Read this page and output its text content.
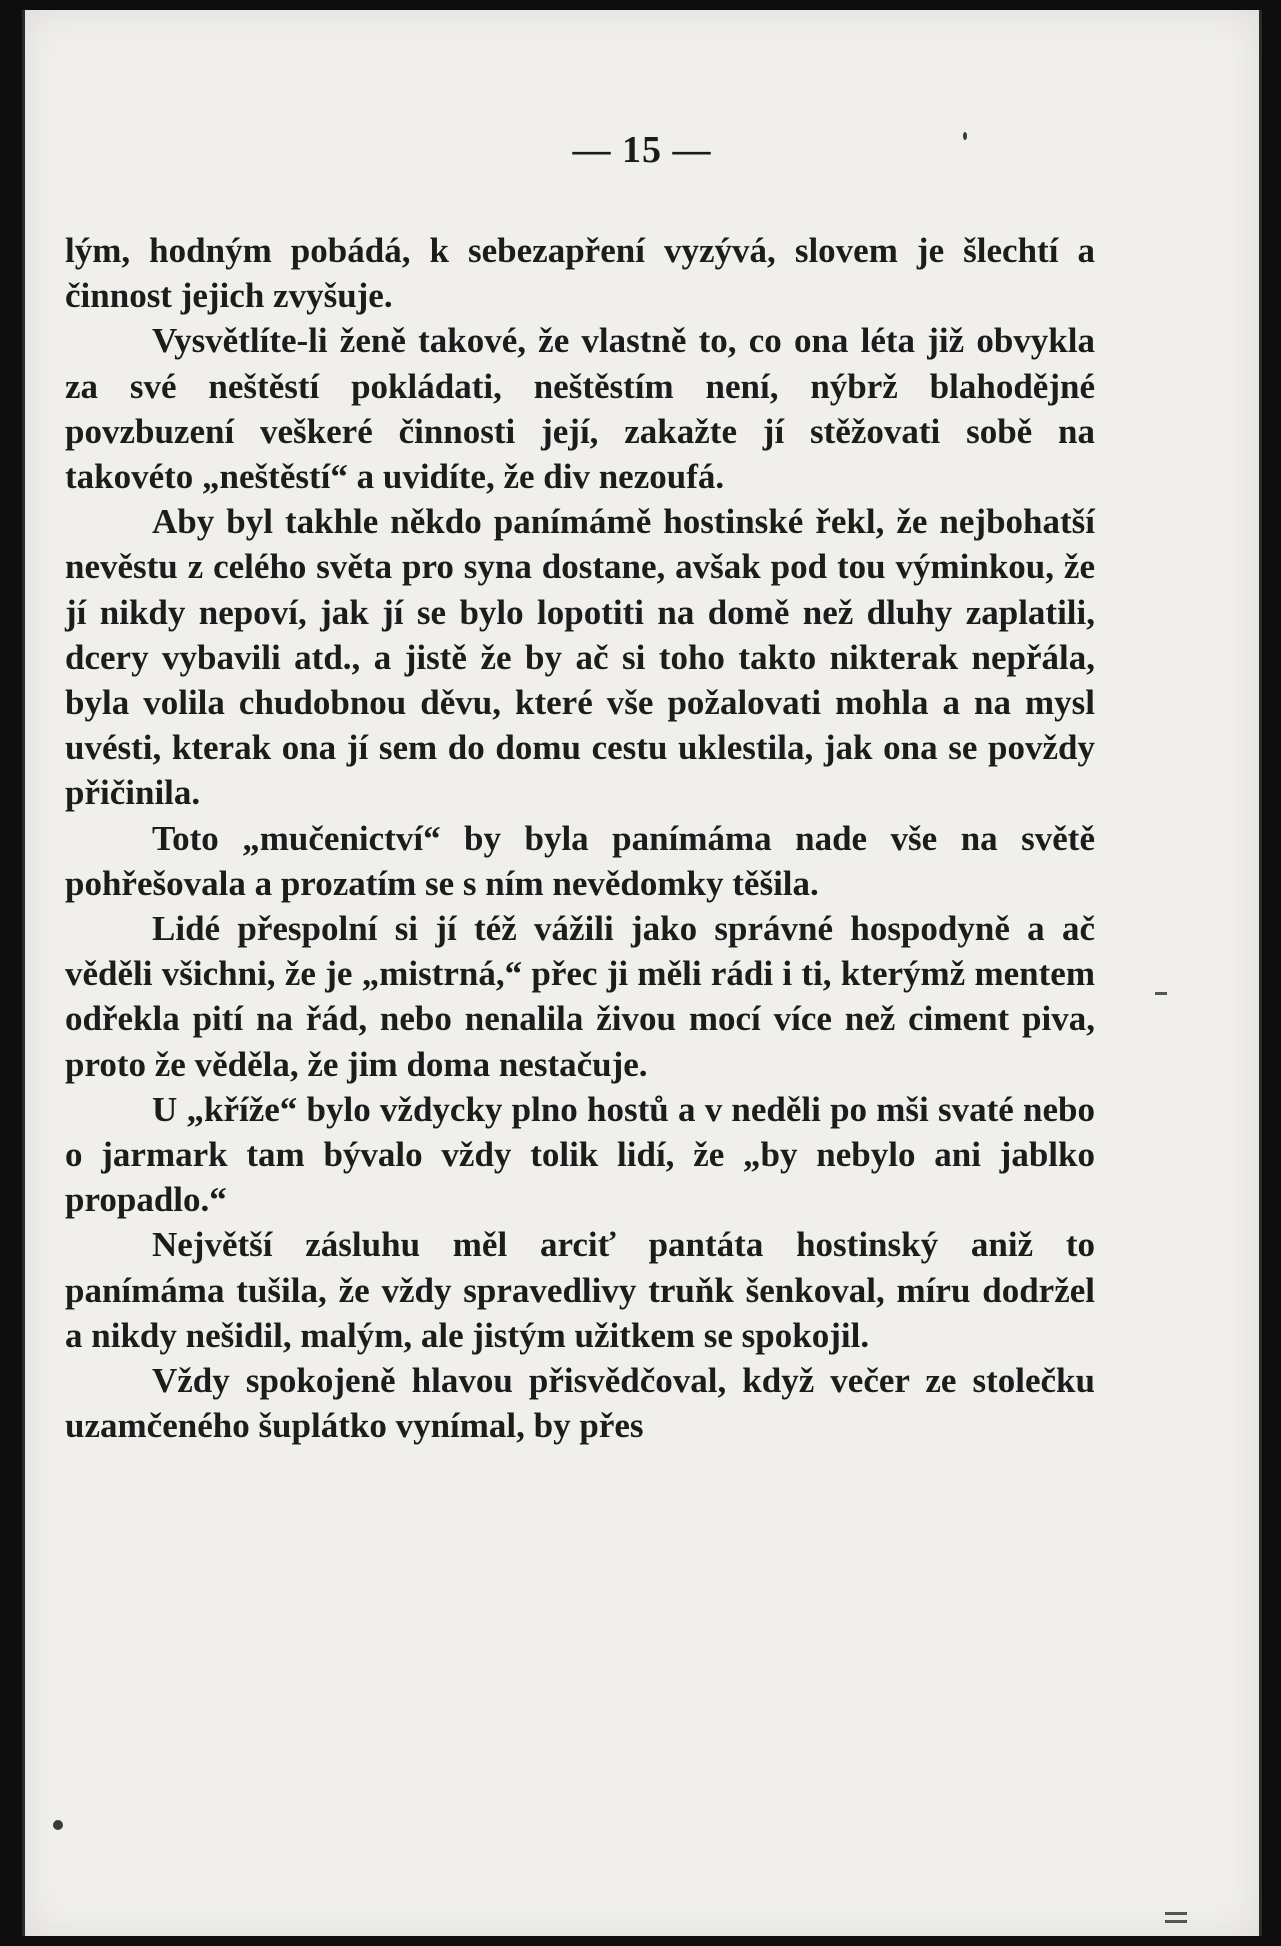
— 15 —

lým, hodným pobádá, k sebezapření vyzývá, slovem je šlechtí a činnost jejich zvyšuje.

Vysvětlíte-li ženě takové, že vlastně to, co ona léta již obvykla za své neštěstí pokládati, neštěstím není, nýbrž blahodějné povzbuzení veškeré činnosti její, zakažte jí stěžovati sobě na takovéto „neštěstí“ a uvidíte, že div nezoufá.

Aby byl takhle někdo panímámě hostinské řekl, že nejbohatší nevěstu z celého světa pro syna dostane, avšak pod tou výminkou, že jí nikdy nepoví, jak jí se bylo lopotiti na domě než dluhy zaplatili, dcery vybavili atd., a jistě že by ač si toho takto nikterak nepřála, byla volila chudobnou děvu, které vše požalovati mohla a na mysl uvésti, kterak ona jí sem do domu cestu uklestila, jak ona se povždy přičinila.

Toto „mučenictví“ by byla panímáma nade vše na světě pohřešovala a prozatím se s ním nevědomky těšila.

Lidé přespolní si jí též vážili jako správné hospodyně a ač věděli všichni, že je „mistrná,“ přec ji měli rádi i ti, kterýmž mentem odřekla pití na řád, nebo nenalila živou mocí více než ciment piva, proto že věděla, že jim doma nestačuje.

U „kříže“ bylo vždycky plno hostů a v neděli po mši svaté nebo o jarmark tam bývalo vždy tolik lidí, že „by nebylo ani jablko propadlo.“

Největší zásluhu měl arciť pantáta hostinský aniž to panímáma tušila, že vždy spravedlivy truňk šenkoval, míru dodržel a nikdy nešidil, malým, ale jistým užitkem se spokojil.

Vždy spokojeně hlavou přisvědčoval, když večer ze stolečku uzamčeného šuplátko vynímal, by přes
